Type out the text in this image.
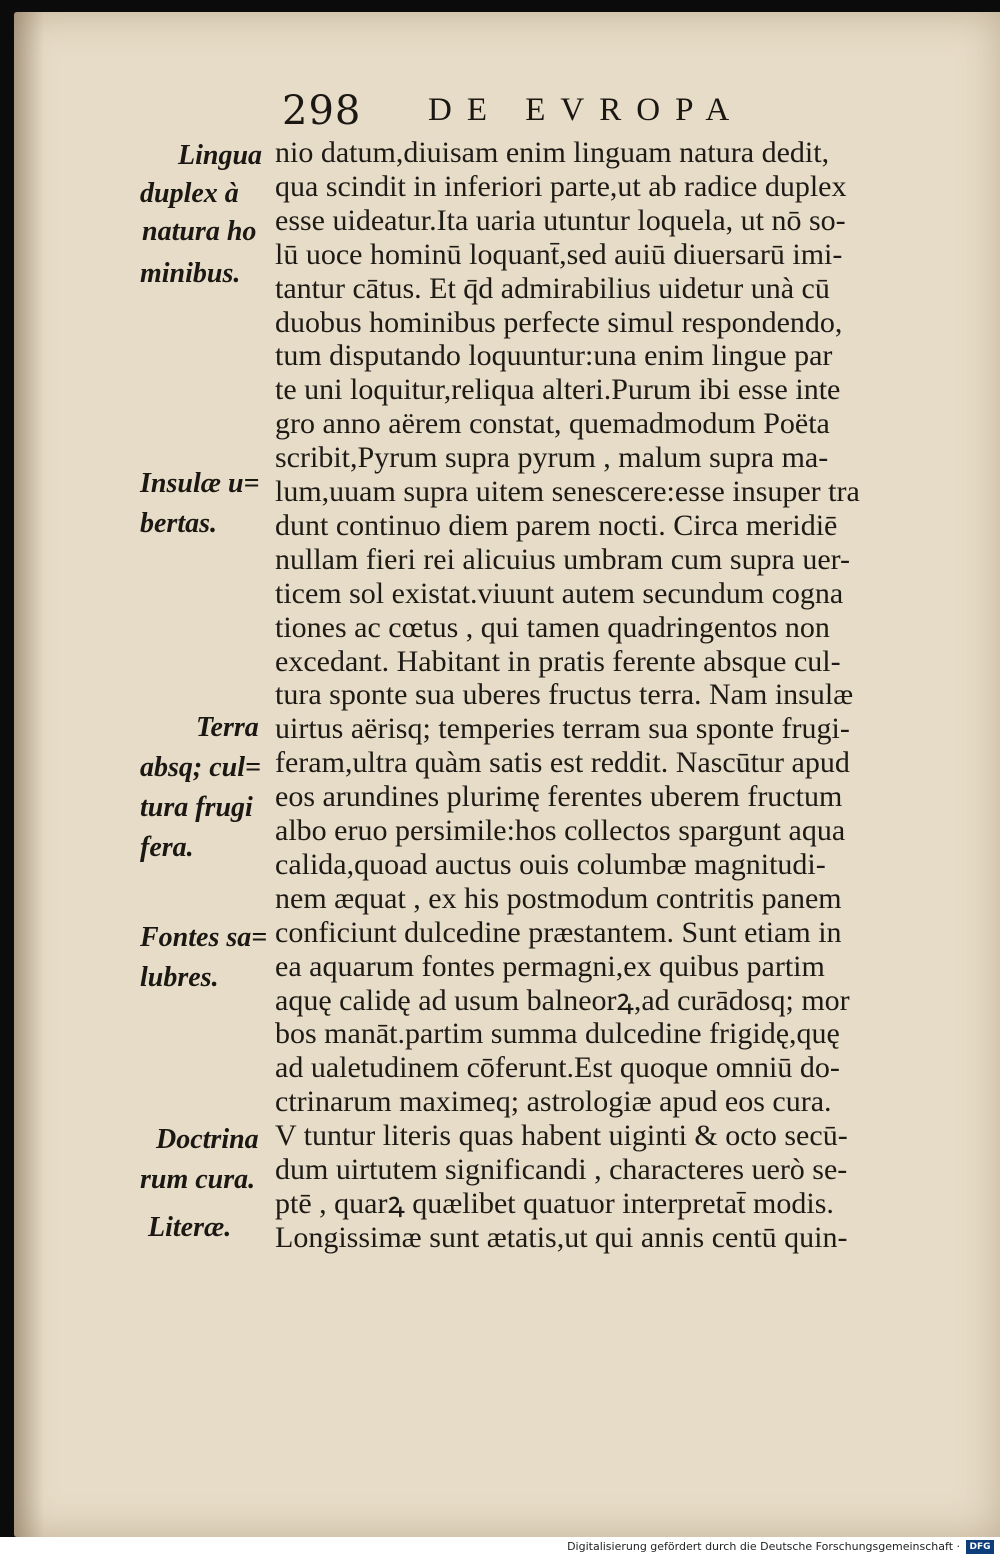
298 DE EVROPA
Lingua
duplex à
natura ho
minibus.
Insulæ u=
bertas.
Terra
absq; cul=
tura frugi
fera.
Fontes sa=
lubres.
Doctrina
rum cura.
Literæ.
nio datum,diuisam enim linguam natura dedit,
qua scindit in inferiori parte,ut ab radice duplex
esse uideatur.Ita uaria utuntur loquela, ut nō so-
lū uoce hominū loquant̄,sed auiū diuersarū imi-
tantur cātus. Et q̄d admirabilius uidetur unà cū
duobus hominibus perfecte simul respondendo,
tum disputando loquuntur:una enim lingue par
te uni loquitur,reliqua alteri.Purum ibi esse inte
gro anno aërem constat, quemadmodum Poëta
scribit,Pyrum supra pyrum , malum supra ma-
lum,uuam supra uitem senescere:esse insuper tra
dunt continuo diem parem nocti. Circa meridiē
nullam fieri rei alicuius umbram cum supra uer-
ticem sol existat.viuunt autem secundum cogna
tiones ac cœtus , qui tamen quadringentos non
excedant. Habitant in pratis ferente absque cul-
tura sponte sua uberes fructus terra. Nam insulæ
uirtus aërisq; temperies terram sua sponte frugi-
feram,ultra quàm satis est reddit. Nascūtur apud
eos arundines plurimę ferentes uberem fructum
albo eruo persimile:hos collectos spargunt aqua
calida,quoad auctus ouis columbæ magnitudi-
nem æquat , ex his postmodum contritis panem
conficiunt dulcedine præstantem. Sunt etiam in
ea aquarum fontes permagni,ex quibus partim
aquę calidę ad usum balneorꝝ,ad curādosq; mor
bos manāt.partim summa dulcedine frigidę,quę
ad ualetudinem cōferunt.Est quoque omniū do-
ctrinarum maximeq; astrologiæ apud eos cura.
V tuntur literis quas habent uiginti & octo secū-
dum uirtutem significandi , characteres uerò se-
ptē , quarꝝ quælibet quatuor interpretat̄ modis.
Longissimæ sunt ætatis,ut qui annis centū quin-
Digitalisierung gefördert durch die Deutsche Forschungsgemeinschaft ·	DFG
